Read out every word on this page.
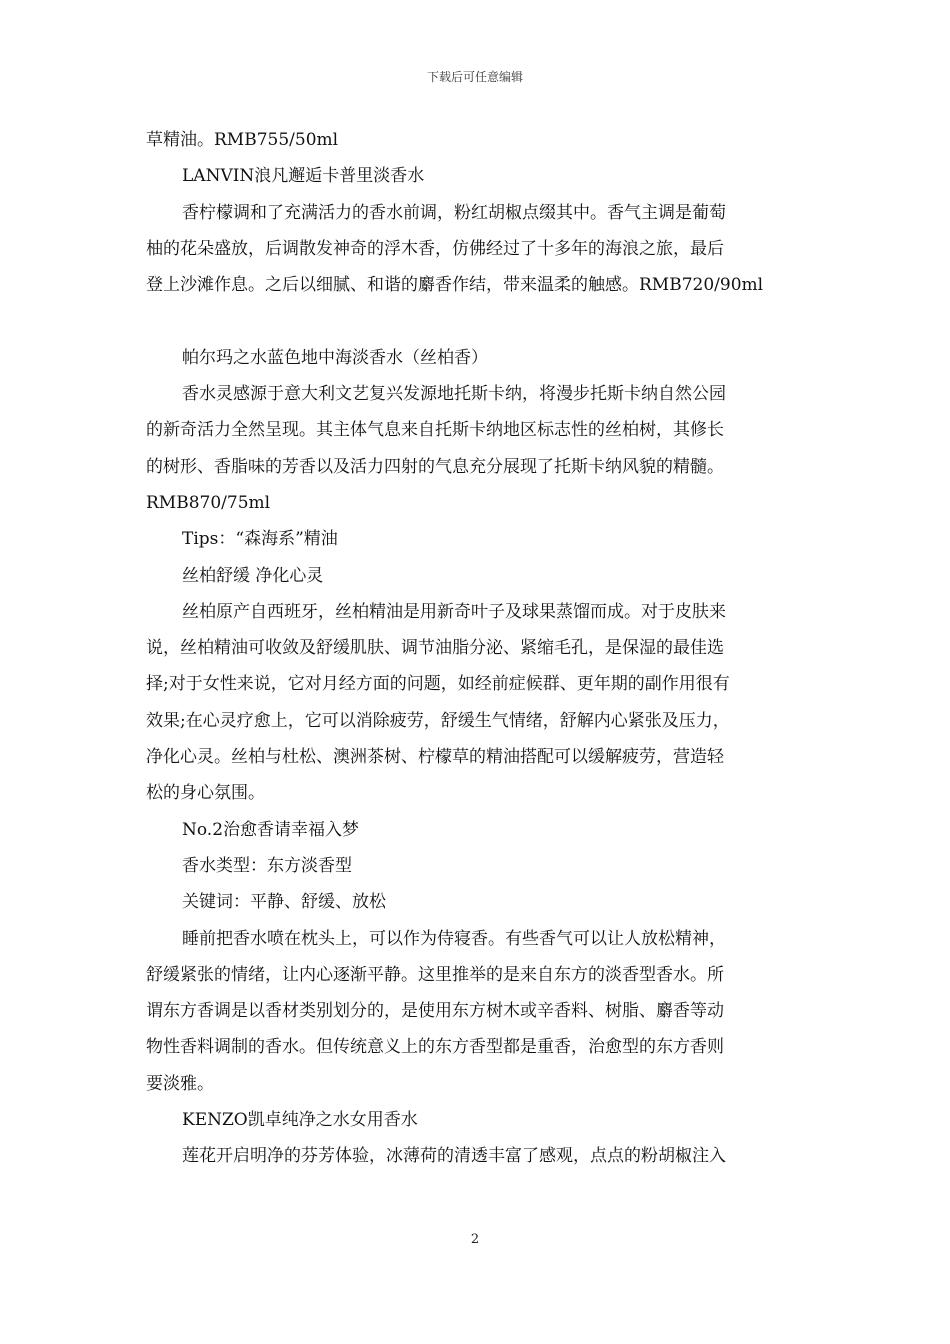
下载后可任意编辑

草精油。RMB755/50ml

LANVIN浪凡邂逅卡普里淡香水

香柠檬调和了充满活力的香水前调，粉红胡椒点缀其中。香气主调是葡萄

柚的花朵盛放，后调散发神奇的浮木香，仿佛经过了十多年的海浪之旅，最后

登上沙滩作息。之后以细腻、和谐的麝香作结，带来温柔的触感。RMB720/90ml

帕尔玛之水蓝色地中海淡香水（丝柏香）

香水灵感源于意大利文艺复兴发源地托斯卡纳，将漫步托斯卡纳自然公园

的新奇活力全然呈现。其主体气息来自托斯卡纳地区标志性的丝柏树，其修长

的树形、香脂味的芳香以及活力四射的气息充分展现了托斯卡纳风貌的精髓。

RMB870/75ml

Tips：“森海系”精油

丝柏舒缓 净化心灵

丝柏原产自西班牙，丝柏精油是用新奇叶子及球果蒸馏而成。对于皮肤来

说，丝柏精油可收敛及舒缓肌肤、调节油脂分泌、紧缩毛孔，是保湿的最佳选

择;对于女性来说，它对月经方面的问题，如经前症候群、更年期的副作用很有

效果;在心灵疗愈上，它可以消除疲劳，舒缓生气情绪，舒解内心紧张及压力，

净化心灵。丝柏与杜松、澳洲茶树、柠檬草的精油搭配可以缓解疲劳，营造轻

松的身心氛围。

No.2治愈香请幸福入梦

香水类型：东方淡香型

关键词：平静、舒缓、放松

睡前把香水喷在枕头上，可以作为侍寝香。有些香气可以让人放松精神，

舒缓紧张的情绪，让内心逐渐平静。这里推举的是来自东方的淡香型香水。所

谓东方香调是以香材类别划分的，是使用东方树木或辛香料、树脂、麝香等动

物性香料调制的香水。但传统意义上的东方香型都是重香，治愈型的东方香则

要淡雅。

KENZO凯卓纯净之水女用香水

莲花开启明净的芬芳体验，冰薄荷的清透丰富了感观，点点的粉胡椒注入

2
